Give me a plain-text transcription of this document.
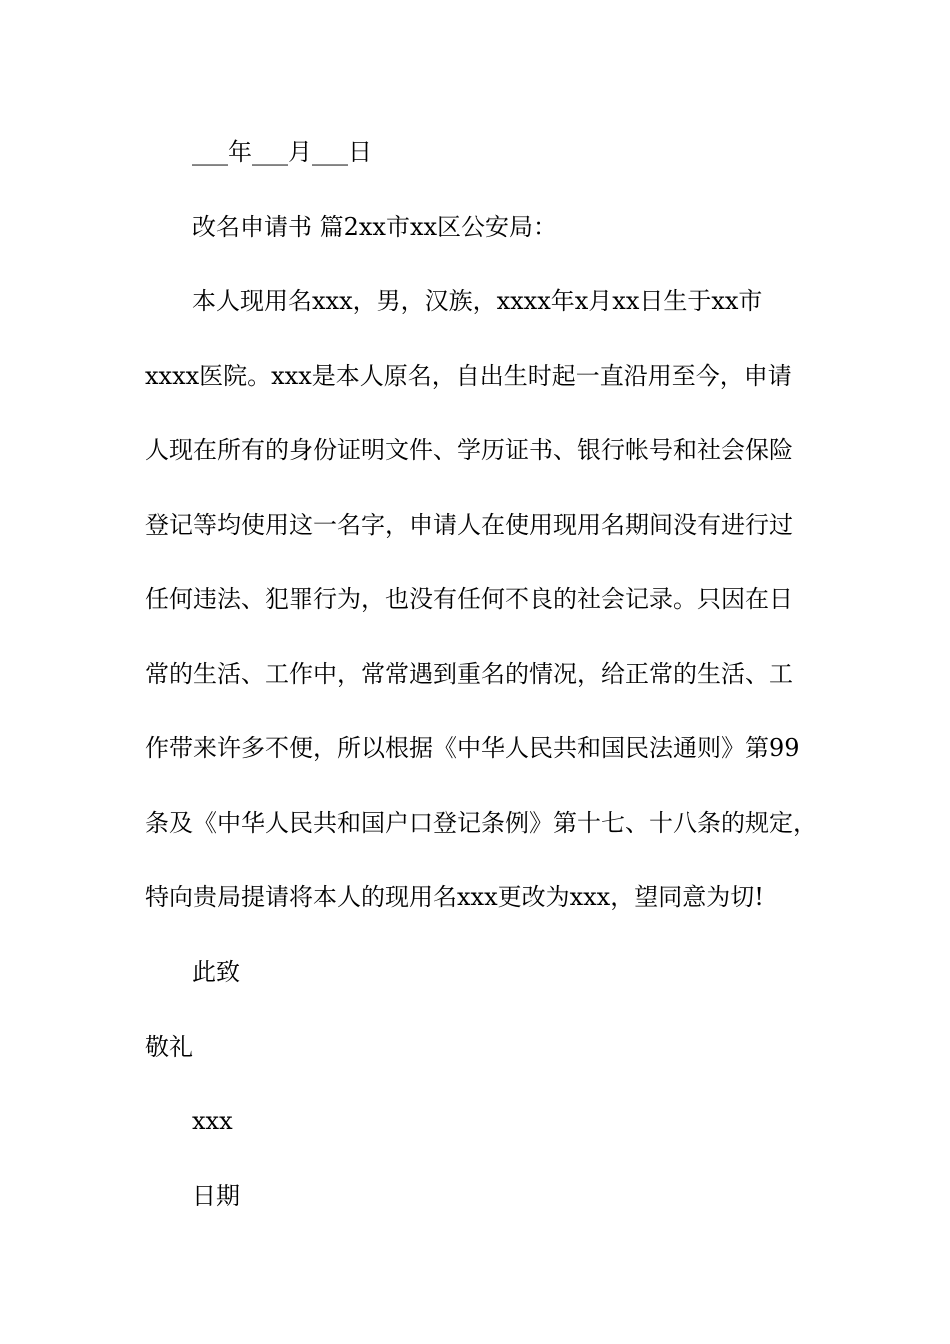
___年___月___日

改名申请书 篇2xx市xx区公安局：

本人现用名xxx，男，汉族，xxxx年x月xx日生于xx市

xxxx医院。xxx是本人原名，自出生时起一直沿用至今，申请

人现在所有的身份证明文件、学历证书、银行帐号和社会保险

登记等均使用这一名字，申请人在使用现用名期间没有进行过

任何违法、犯罪行为，也没有任何不良的社会记录。只因在日

常的生活、工作中，常常遇到重名的情况，给正常的生活、工

作带来许多不便，所以根据《中华人民共和国民法通则》第99

条及《中华人民共和国户口登记条例》第十七、十八条的规定，

特向贵局提请将本人的现用名xxx更改为xxx，望同意为切!

此致

敬礼

xxx

日期
